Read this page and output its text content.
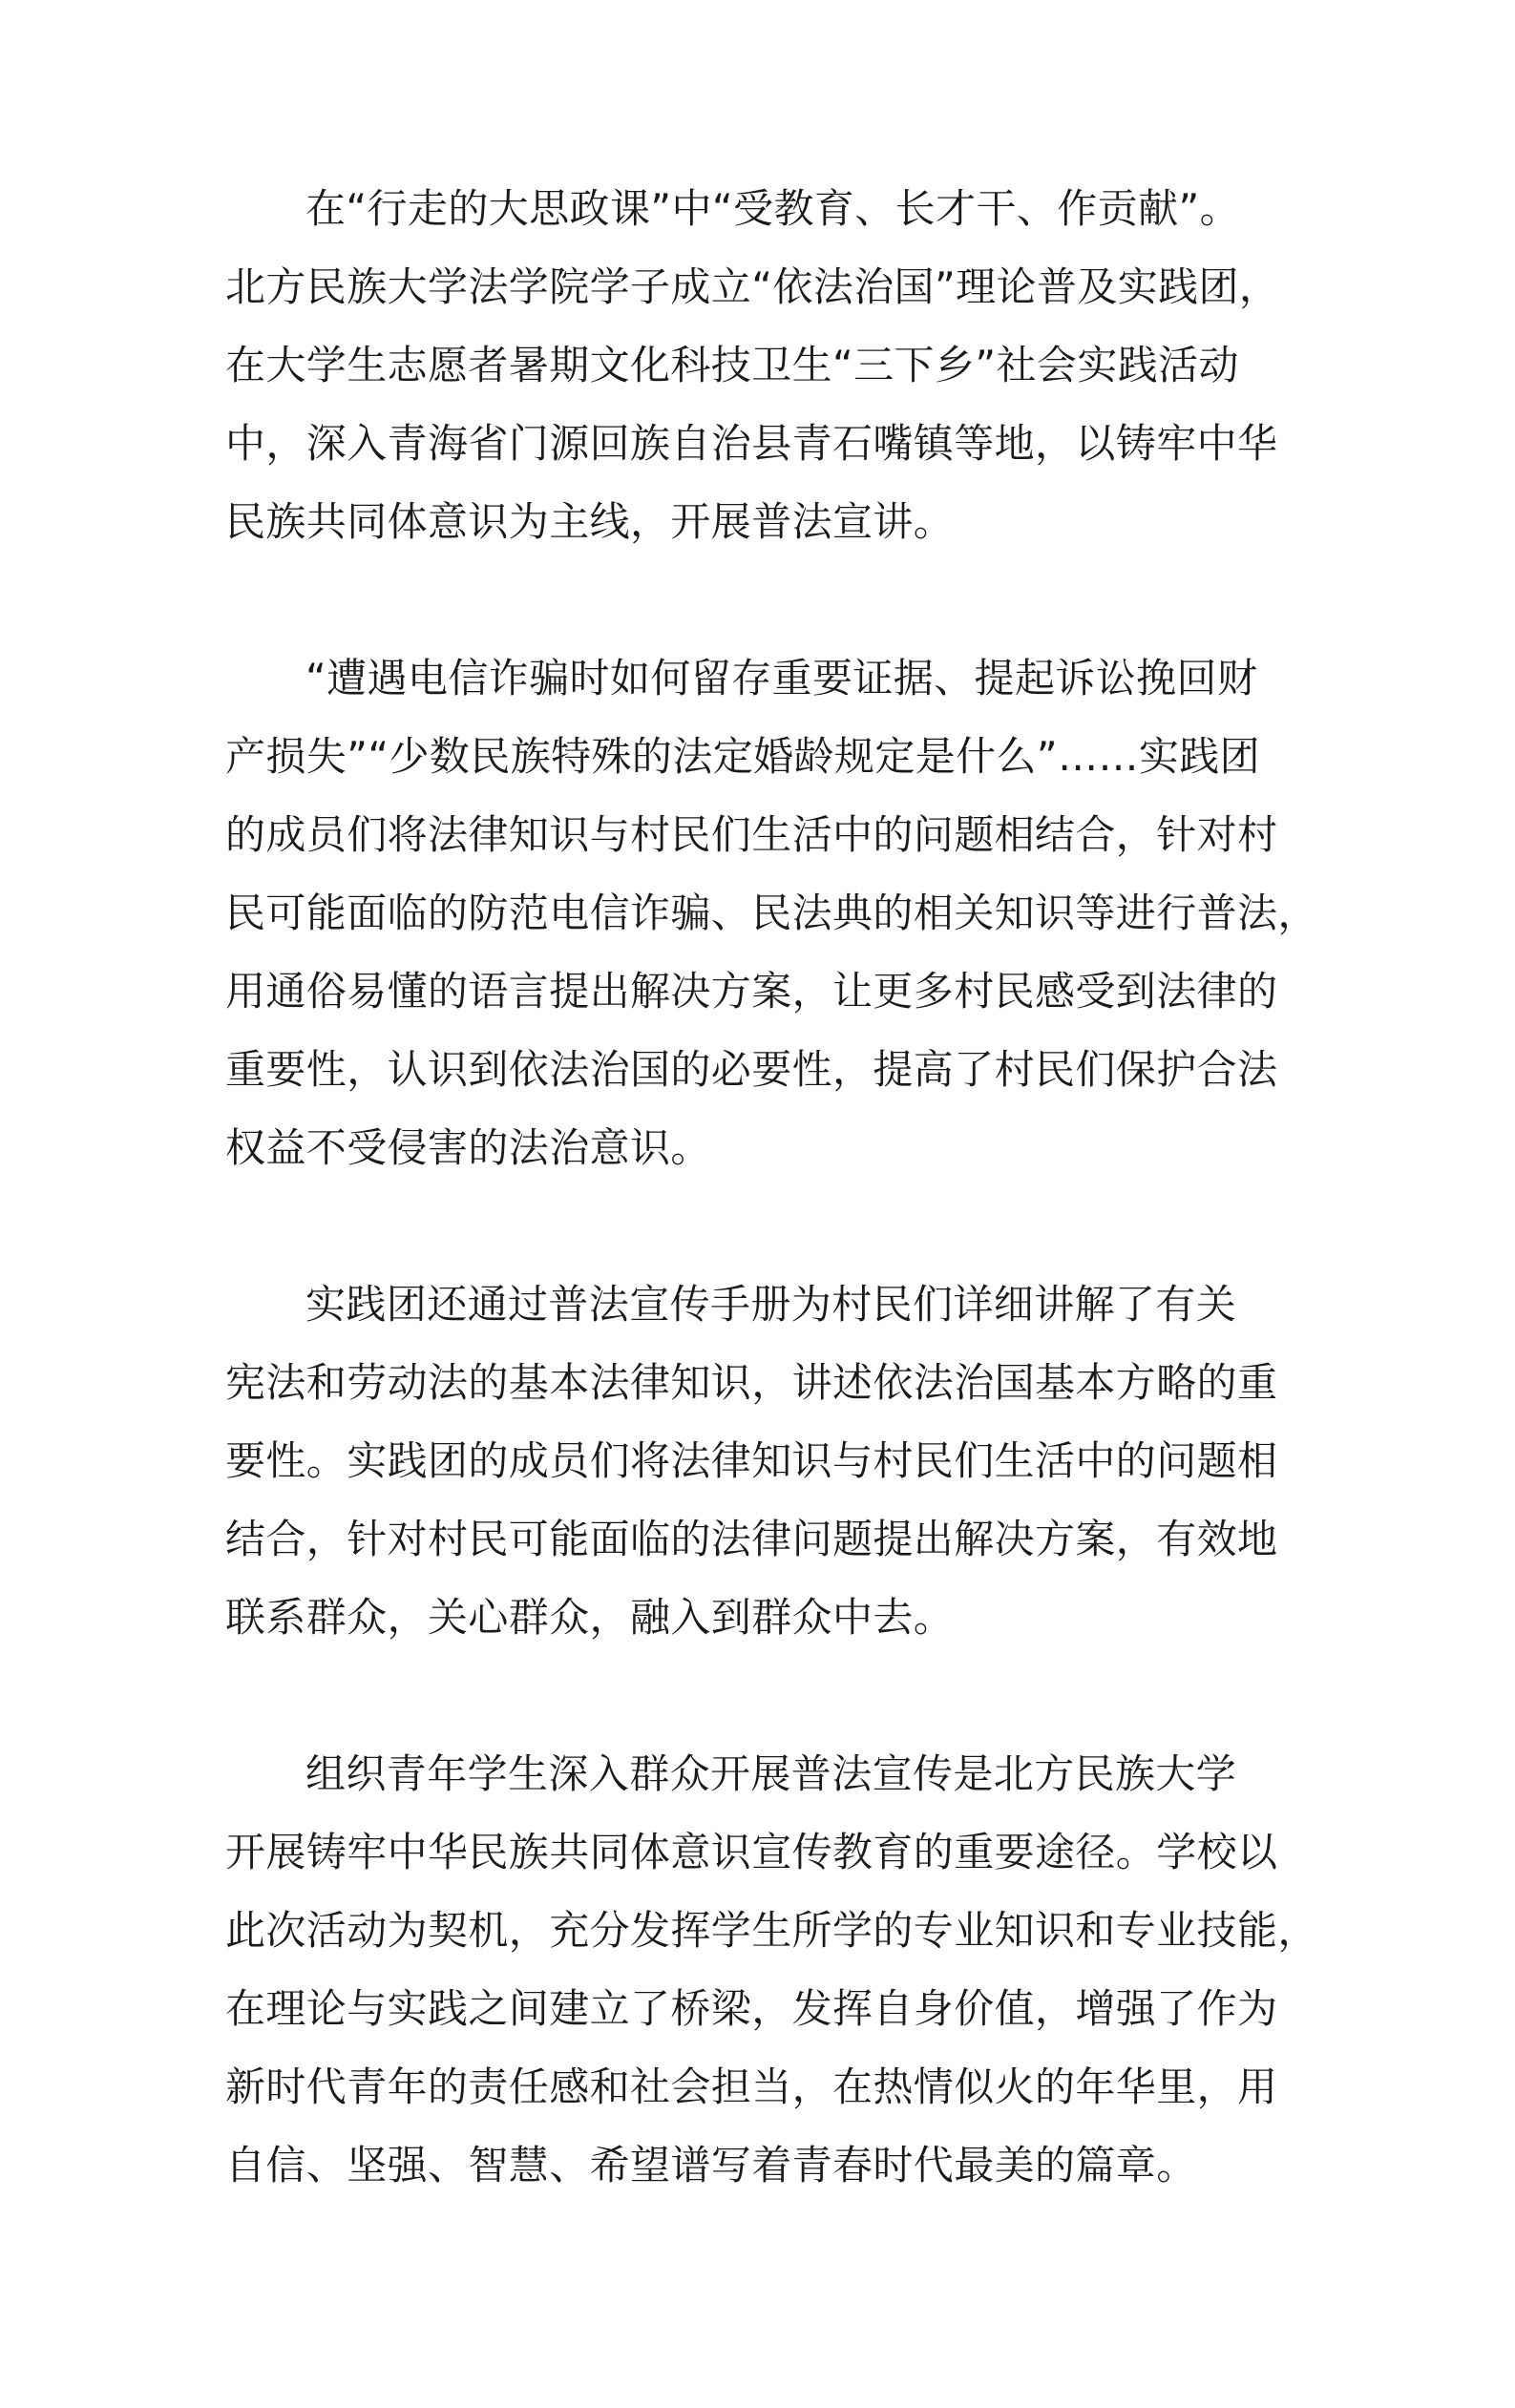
在“行走的大思政课”中“受教育、长才干、作贡献”。
北方民族大学法学院学子成立“依法治国”理论普及实践团，
在大学生志愿者暑期文化科技卫生“三下乡”社会实践活动
中，深入青海省门源回族自治县青石嘴镇等地，以铸牢中华
民族共同体意识为主线，开展普法宣讲。
“遭遇电信诈骗时如何留存重要证据、提起诉讼挽回财
产损失”“少数民族特殊的法定婚龄规定是什么”……实践团
的成员们将法律知识与村民们生活中的问题相结合，针对村
民可能面临的防范电信诈骗、民法典的相关知识等进行普法，
用通俗易懂的语言提出解决方案，让更多村民感受到法律的
重要性，认识到依法治国的必要性，提高了村民们保护合法
权益不受侵害的法治意识。
实践团还通过普法宣传手册为村民们详细讲解了有关
宪法和劳动法的基本法律知识，讲述依法治国基本方略的重
要性。实践团的成员们将法律知识与村民们生活中的问题相
结合，针对村民可能面临的法律问题提出解决方案，有效地
联系群众，关心群众，融入到群众中去。
组织青年学生深入群众开展普法宣传是北方民族大学
开展铸牢中华民族共同体意识宣传教育的重要途径。学校以
此次活动为契机，充分发挥学生所学的专业知识和专业技能，
在理论与实践之间建立了桥梁，发挥自身价值，增强了作为
新时代青年的责任感和社会担当，在热情似火的年华里，用
自信、坚强、智慧、希望谱写着青春时代最美的篇章。
